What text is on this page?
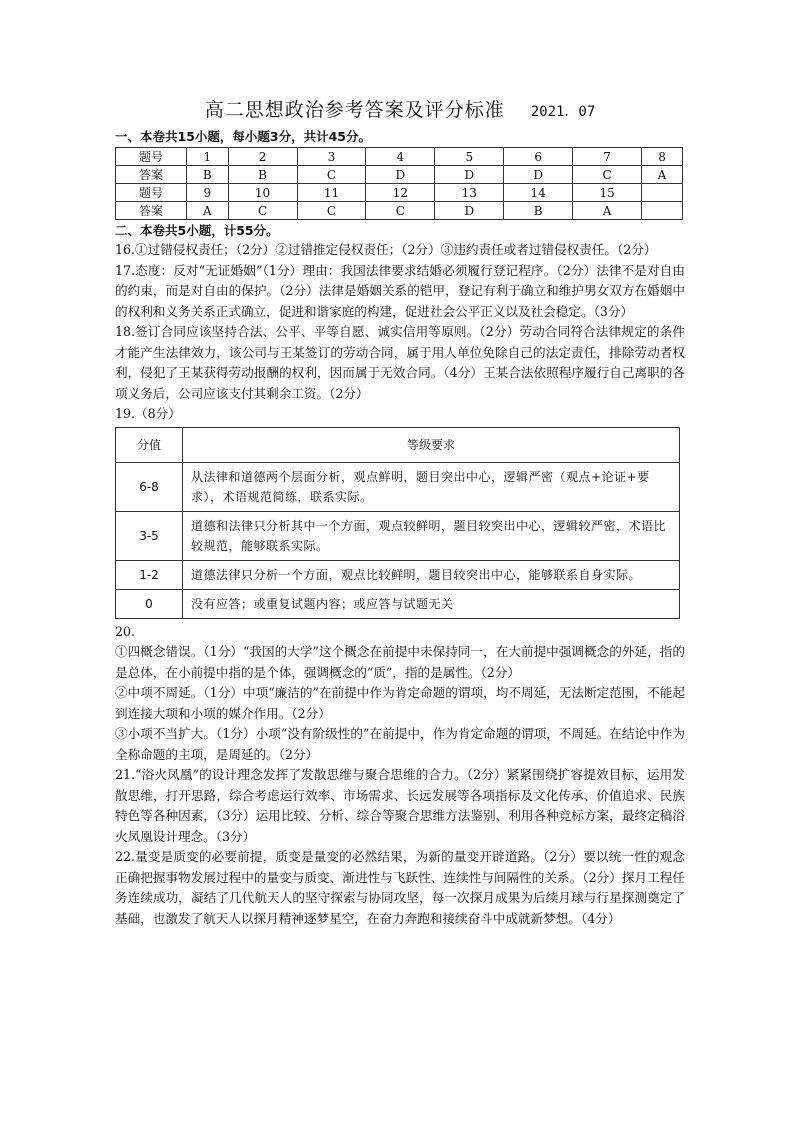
高二思想政治参考答案及评分标准 2021．07
一、本卷共15小题，每小题3分，共计45分。
题号	1	2	3	4	5	6	7	8
答案	B	B	C	D	D	D	C	A
题号	9	10	11	12	13	14	15	
答案	A	C	C	C	D	B	A	
二、本卷共5小题，计55分。

16.①过错侵权责任；（2分）②过错推定侵权责任；（2分）③违约责任或者过错侵权责任。（2分）

17.态度：反对“无证婚姻”（1分）理由：我国法律要求结婚必须履行登记程序。（2分）法律不是对自由的约束，而是对自由的保护。（2分）法律是婚姻关系的铠甲，登记有利于确立和维护男女双方在婚姻中的权利和义务关系正式确立，促进和谐家庭的构建，促进社会公平正义以及社会稳定。（3分）

18.签订合同应该坚持合法、公平、平等自愿、诚实信用等原则。（2分）劳动合同符合法律规定的条件才能产生法律效力，该公司与王某签订的劳动合同，属于用人单位免除自己的法定责任，排除劳动者权利，侵犯了王某获得劳动报酬的权利，因而属于无效合同。（4分）王某合法依照程序履行自己离职的各项义务后，公司应该支付其剩余工资。（2分）

19.（8分）

分值	等级要求
6-8	从法律和道德两个层面分析，观点鲜明，题目突出中心，逻辑严密（观点+论证+要求），术语规范简练，联系实际。
3-5	道德和法律只分析其中一个方面，观点较鲜明，题目较突出中心，逻辑较严密，术语比较规范，能够联系实际。
1-2	道德法律只分析一个方面，观点比较鲜明，题目较突出中心，能够联系自身实际。
0	没有应答；或重复试题内容；或应答与试题无关

20.

①四概念错误。（1分）“我国的大学”这个概念在前提中未保持同一，在大前提中强调概念的外延，指的是总体，在小前提中指的是个体，强调概念的“质”，指的是属性。（2分）

②中项不周延。（1分）中项“廉洁的”在前提中作为肯定命题的谓项，均不周延，无法断定范围，不能起到连接大项和小项的媒介作用。（2分）

③小项不当扩大。（1分）小项“没有阶级性的”在前提中，作为肯定命题的谓项，不周延。在结论中作为全称命题的主项，是周延的。（2分）

21.“浴火凤凰”的设计理念发挥了发散思维与聚合思维的合力。（2分）紧紧围绕扩容提效目标，运用发散思维，打开思路，综合考虑运行效率、市场需求、长远发展等各项指标及文化传承、价值追求、民族特色等各种因素，（3分）运用比较、分析、综合等聚合思维方法鉴别、利用各种竞标方案，最终定稿浴火凤凰设计理念。（3分）

22.量变是质变的必要前提，质变是量变的必然结果，为新的量变开辟道路。（2分）要以统一性的观念正确把握事物发展过程中的量变与质变、渐进性与飞跃性、连续性与间隔性的关系。（2分）探月工程任务连续成功，凝结了几代航天人的坚守探索与协同攻坚，每一次探月成果为后续月球与行星探测奠定了基础，也激发了航天人以探月精神逐梦星空，在奋力奔跑和接续奋斗中成就新梦想。（4分）
